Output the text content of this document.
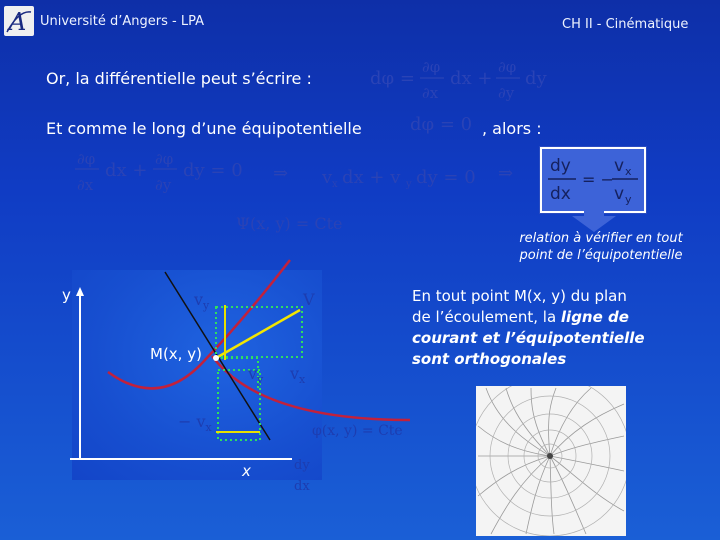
A Université d’Angers - LPA	CH II - Cinématique
Or, la différentielle peut s’écrire :	dφ =
∂φ
∂x
dx +
∂φ
∂y
dy
Et comme le long d’une équipotentielle	dφ = 0 , alors :
∂φ
∂x
dx +
∂φ
∂y
dy = 0 ⇒ v x dx + v y dy = 0 ⇒ dy
dx
= −
v x
v y
Ψ(x, y) = Cte
relation à vérifier en tout
point de l’équipotentielle
y
x
M(x, y)
$v_y$	V
$v_y$ $v_x$
− $v_x$	φ(x, y) = Cte
dy
dx
En tout point M(x, y) du plan
de l’écoulement, la ligne de
courant et l’équipotentielle
sont orthogonales
